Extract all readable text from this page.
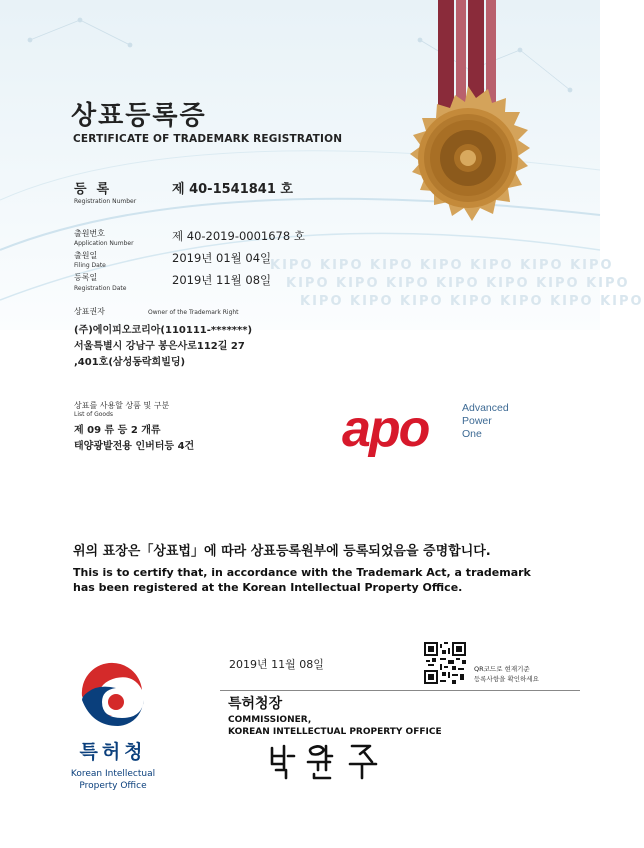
KIPO KIPO KIPO KIPO KIPO KIPO KIPO
KIPO KIPO KIPO KIPO KIPO KIPO KIPO
KIPO KIPO KIPO KIPO KIPO KIPO KIPO
상표등록증
CERTIFICATE OF TRADEMARK REGISTRATION
등록
Registration Number
제 40-1541841 호
출원번호
Application Number
제 40-2019-0001678 호
출원일
Filing Date
2019년 01월 04일
등록일
Registration Date
2019년 11월 08일
상표권자	Owner of the Trademark Right
(주)에이피오코리아(110111-*******)
서울특별시 강남구 봉은사로112길 27
,401호(삼성동락희빌딩)
상표를 사용할 상품 및 구분
List of Goods
제 09 류 등 2 개류
태양광발전용 인버터등 4건	apo	Advanced
Power
One
위의 표장은「상표법」에 따라 상표등록원부에 등록되었음을 증명합니다.
This is to certify that, in accordance with the Trademark Act, a trademark has been registered at the Korean Intellectual Property Office.
2019년 11월 08일	QR코드로 현재기준
등록사항을 확인하세요
특허청장
COMMISSIONER,
KOREAN INTELLECTUAL PROPERTY OFFICE
특허청
Korean Intellectual
Property Office
